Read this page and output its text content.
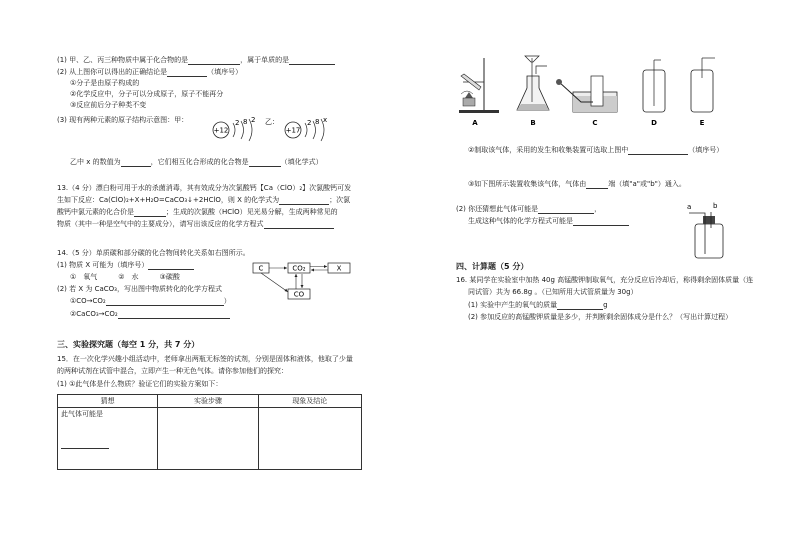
(1) 甲、乙、丙三种物质中属于化合物的是	，属于单质的是
(2) 从上图你可以得出的正确结论是	（填序号）
①分子是由原子构成的
②化学反应中，分子可以分成原子，原子不能再分
③反应前后分子种类不变
(3) 现有两种元素的原子结构示意图：甲：
+12
2 8 2 乙：
+17
2 8 x
乙中 x 的数值为	，它们相互化合形成的化合物是	（填化学式）
13.（4 分）漂白粉可用于水的杀菌消毒，其有效成分为次氯酸钙【Ca（ClO）₂】次氯酸钙可发
生如下反应：Ca(ClO)₂+X+H₂O=CaCO₃↓+2HClO，则 X 的化学式为	；次氯
酸钙中氯元素的化合价是	；生成的次氯酸（HClO）见光易分解，生成两种常见的
物质（其中一种是空气中的主要成分），请写出该反应的化学方程式
14.（5 分）单质碳和部分碳的化合物间转化关系如右图所示。
(1) 物质 X 可能为（填序号）
①　氧气　　　②　水　　　③碳酸
(2) 若 X 为 CaCO₃，写出图中物质转化的化学方程式
①CO→CO₂	）
②CaCO₃→CO₂
C	CO₂	X
CO
三、实验探究题（每空 1 分，共 7 分）
15．在一次化学兴趣小组活动中，老师拿出两瓶无标签的试剂，分别是固体和液体，他取了少量
的两种试剂在试管中混合，立即产生一种无色气体。请你参加他们的探究：
(1) ①此气体是什么物质？验证它们的实验方案如下：
猜想	实验步骤	现象及结论

此气体可能是		

A	B	C	D	E
②制取该气体，采用的发生和收集装置可选取上图中	（填序号）
③如下图所示装置收集该气体，气体由	端（填"a"或"b"）通入。
(2) 你还猜想此气体可能是	，
生成这种气体的化学方程式可能是
a	b
四、计算题（5 分）
16. 某同学在实验室中加热 40g 高锰酸钾制取氧气，充分反应后冷却后，称得剩余固体质量（连
同试管）共为 66.8g 。（已知所用大试管质量为 30g）
(1) 实验中产生的氧气的质量	g
(2) 参加反应的高锰酸钾质量是多少，并判断剩余固体成分是什么？（写出计算过程）
